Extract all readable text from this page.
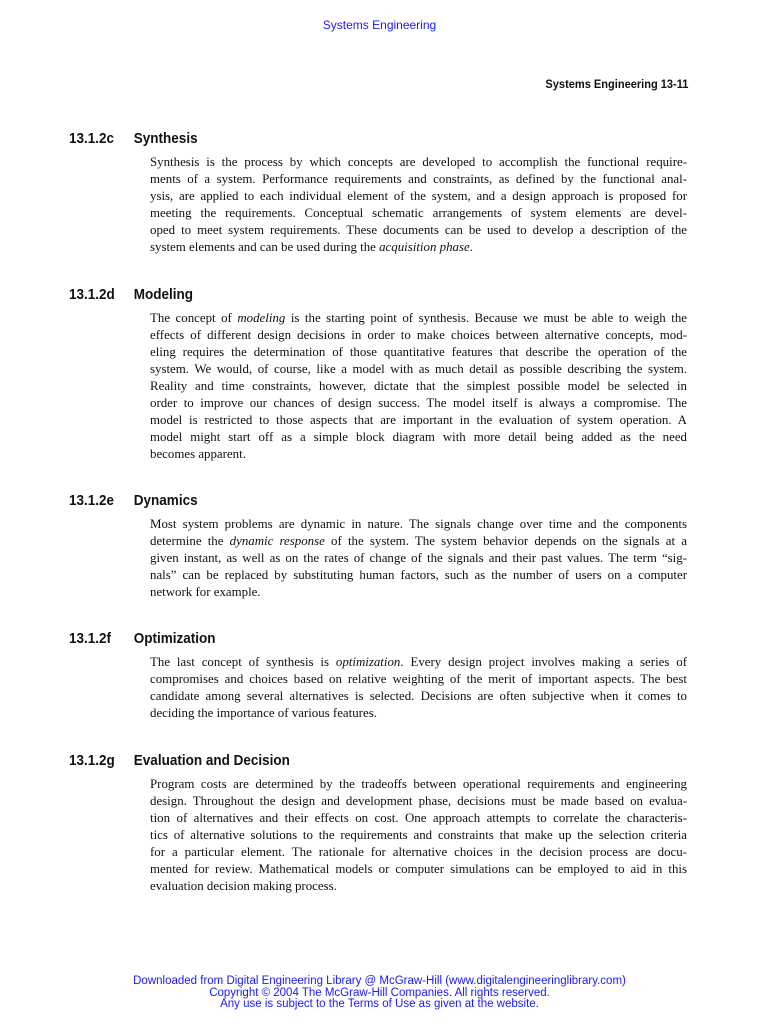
Systems Engineering
Systems Engineering 13-11
13.1.2c Synthesis
Synthesis is the process by which concepts are developed to accomplish the functional require-
ments of a system. Performance requirements and constraints, as defined by the functional anal-
ysis, are applied to each individual element of the system, and a design approach is proposed for
meeting the requirements. Conceptual schematic arrangements of system elements are devel-
oped to meet system requirements. These documents can be used to develop a description of the
system elements and can be used during the acquisition phase.
13.1.2d Modeling
The concept of modeling is the starting point of synthesis. Because we must be able to weigh the
effects of different design decisions in order to make choices between alternative concepts, mod-
eling requires the determination of those quantitative features that describe the operation of the
system. We would, of course, like a model with as much detail as possible describing the system.
Reality and time constraints, however, dictate that the simplest possible model be selected in
order to improve our chances of design success. The model itself is always a compromise. The
model is restricted to those aspects that are important in the evaluation of system operation. A
model might start off as a simple block diagram with more detail being added as the need
becomes apparent.
13.1.2e Dynamics
Most system problems are dynamic in nature. The signals change over time and the components
determine the dynamic response of the system. The system behavior depends on the signals at a
given instant, as well as on the rates of change of the signals and their past values. The term “sig-
nals” can be replaced by substituting human factors, such as the number of users on a computer
network for example.
13.1.2f Optimization
The last concept of synthesis is optimization. Every design project involves making a series of
compromises and choices based on relative weighting of the merit of important aspects. The best
candidate among several alternatives is selected. Decisions are often subjective when it comes to
deciding the importance of various features.
13.1.2g Evaluation and Decision
Program costs are determined by the tradeoffs between operational requirements and engineering
design. Throughout the design and development phase, decisions must be made based on evalua-
tion of alternatives and their effects on cost. One approach attempts to correlate the characteris-
tics of alternative solutions to the requirements and constraints that make up the selection criteria
for a particular element. The rationale for alternative choices in the decision process are docu-
mented for review. Mathematical models or computer simulations can be employed to aid in this
evaluation decision making process.
Downloaded from Digital Engineering Library @ McGraw-Hill (www.digitalengineeringlibrary.com)
Copyright © 2004 The McGraw-Hill Companies. All rights reserved.
Any use is subject to the Terms of Use as given at the website.
